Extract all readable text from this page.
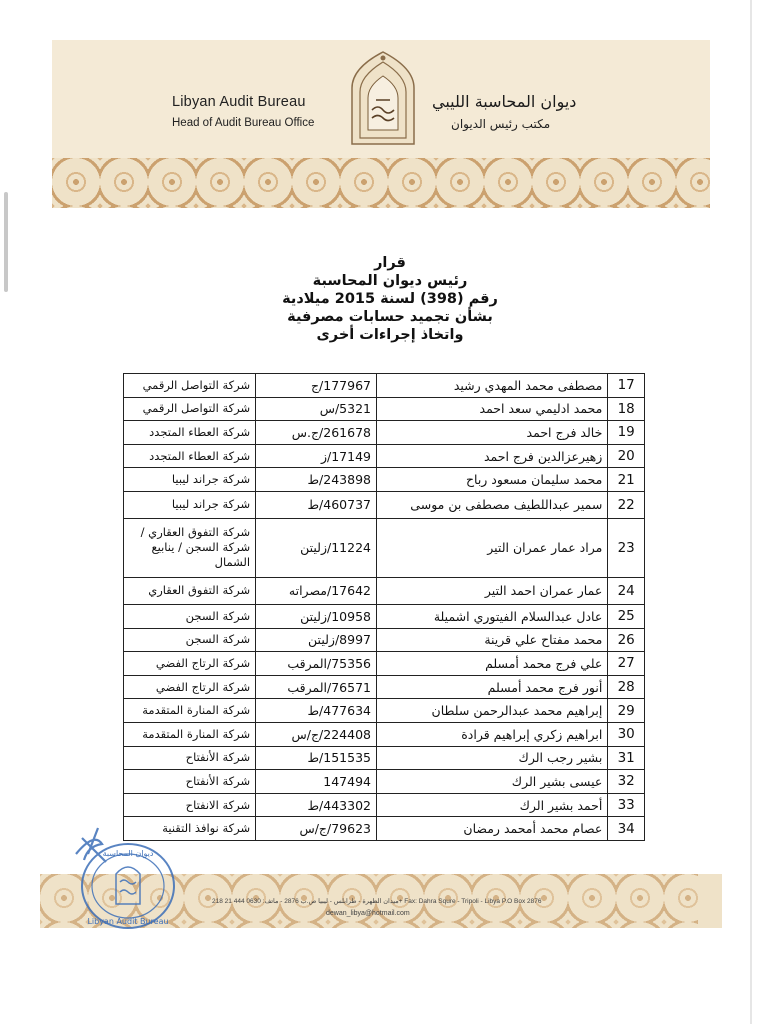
Libyan Audit Bureau
Head of Audit Bureau Office
ديوان المحاسبة الليبي
مكتب رئيس الديوان
قرار
رئيس ديوان المحاسبة
رقم (398) لسنة 2015 ميلادية
بشأن تجميد حسابات مصرفية
واتخاذ إجراءات أخرى
17	مصطفى محمد المهدي رشيد	177967/ج	شركة التواصل الرقمي
18	محمد ادليمي سعد احمد	5321/س	شركة التواصل الرقمي
19	خالد فرج احمد	261678/ج.س	شركة العطاء المتجدد
20	زهيرعزالدين فرج احمد	17149/ز	شركة العطاء المتجدد
21	محمد سليمان مسعود رباح	243898/ط	شركة جراند ليبيا
22	سمير عبداللطيف مصطفى بن موسى	460737/ط	شركة جراند ليبيا
23	مراد عمار عمران التير	11224/زليتن	شركة التفوق العقاري / شركة السجن / ينابيع الشمال
24	عمار عمران احمد التير	17642/مصراته	شركة التفوق العقاري
25	عادل عبدالسلام الفيتوري اشميلة	10958/زليتن	شركة السجن
26	محمد مفتاح علي قرينة	8997/زليتن	شركة السجن
27	علي فرج محمد أمسلم	75356/المرقب	شركة الرتاج الفضي
28	أنور فرج محمد أمسلم	76571/المرقب	شركة الرتاج الفضي
29	إبراهيم محمد عبدالرحمن سلطان	477634/ط	شركة المنارة المتقدمة
30	ابراهيم زكري إبراهيم قرادة	224408/ج/س	شركة المنارة المتقدمة
31	بشير رجب الرك	151535/ط	شركة الأنفتاح
32	عيسى بشير الرك	147494	شركة الأنفتاح
33	أحمد بشير الرك	443302/ط	شركة الانفتاح
34	عصام محمد أمحمد رمضان	79623/ج/س	شركة نوافذ التقنية
ميدان الظهرة - طرابلس - ليبيا ص.ب 2876 - ماتف: 0630 444 21 218+ Fax: Dahra Squre - Tripoli - Libya P.O Box 2876
dewan_libya@hotmail.com
ديوان المحاسبة
Libyan Audit Bureau
